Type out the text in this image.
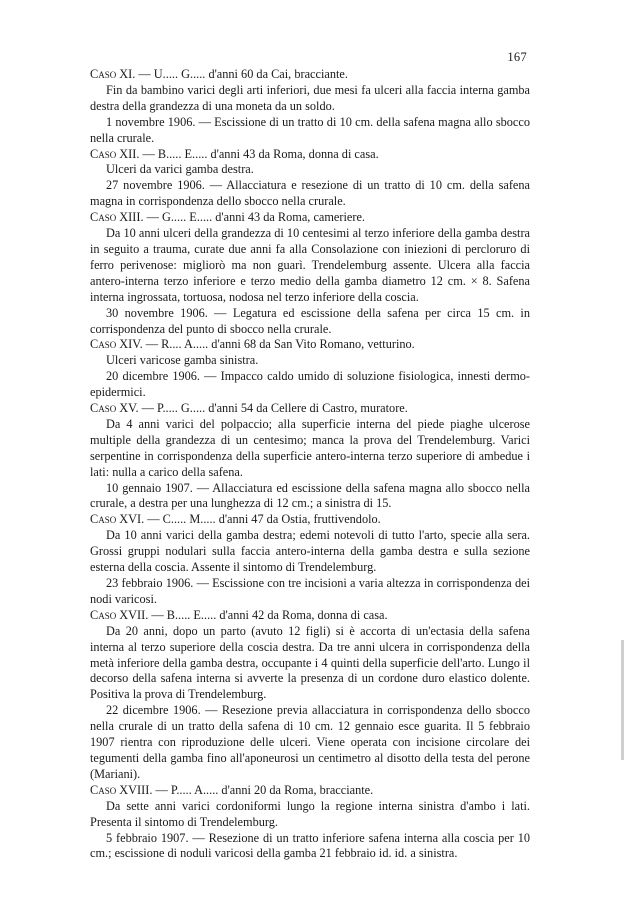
167

Caso XI. — U..... G..... d'anni 60 da Cai, bracciante.

Fin da bambino varici degli arti inferiori, due mesi fa ulceri alla faccia interna gamba destra della grandezza di una moneta da un soldo.

1 novembre 1906. — Escissione di un tratto di 10 cm. della safena magna allo sbocco nella crurale.

Caso XII. — B..... E..... d'anni 43 da Roma, donna di casa.

Ulceri da varici gamba destra.

27 novembre 1906. — Allacciatura e resezione di un tratto di 10 cm. della safena magna in corrispondenza dello sbocco nella crurale.

Caso XIII. — G..... E..... d'anni 43 da Roma, cameriere.

Da 10 anni ulceri della grandezza di 10 centesimi al terzo inferiore della gamba destra in seguito a trauma, curate due anni fa alla Consolazione con iniezioni di percloruro di ferro perivenose: migliorò ma non guarì. Trendelemburg assente. Ulcera alla faccia antero-interna terzo inferiore e terzo medio della gamba diametro 12 cm. × 8. Safena interna ingrossata, tortuosa, nodosa nel terzo inferiore della coscia.

30 novembre 1906. — Legatura ed escissione della safena per circa 15 cm. in corrispondenza del punto di sbocco nella crurale.

Caso XIV. — R.... A..... d'anni 68 da San Vito Romano, vetturino.

Ulceri varicose gamba sinistra.

20 dicembre 1906. — Impacco caldo umido di soluzione fisiologica, innesti dermo-epidermici.

Caso XV. — P..... G..... d'anni 54 da Cellere di Castro, muratore.

Da 4 anni varici del polpaccio; alla superficie interna del piede piaghe ulcerose multiple della grandezza di un centesimo; manca la prova del Trendelemburg. Varici serpentine in corrispondenza della superficie antero-interna terzo superiore di ambedue i lati: nulla a carico della safena.

10 gennaio 1907. — Allacciatura ed escissione della safena magna allo sbocco nella crurale, a destra per una lunghezza di 12 cm.; a sinistra di 15.

Caso XVI. — C..... M..... d'anni 47 da Ostia, fruttivendolo.

Da 10 anni varici della gamba destra; edemi notevoli di tutto l'arto, specie alla sera. Grossi gruppi nodulari sulla faccia antero-interna della gamba destra e sulla sezione esterna della coscia. Assente il sintomo di Trendelemburg.

23 febbraio 1906. — Escissione con tre incisioni a varia altezza in corrispondenza dei nodi varicosi.

Caso XVII. — B..... E..... d'anni 42 da Roma, donna di casa.

Da 20 anni, dopo un parto (avuto 12 figli) si è accorta di un'ectasia della safena interna al terzo superiore della coscia destra. Da tre anni ulcera in corrispondenza della metà inferiore della gamba destra, occupante i 4 quinti della superficie dell'arto. Lungo il decorso della safena interna si avverte la presenza di un cordone duro elastico dolente. Positiva la prova di Trendelemburg.

22 dicembre 1906. — Resezione previa allacciatura in corrispondenza dello sbocco nella crurale di un tratto della safena di 10 cm. 12 gennaio esce guarita. Il 5 febbraio 1907 rientra con riproduzione delle ulceri. Viene operata con incisione circolare dei tegumenti della gamba fino all'aponeurosi un centimetro al disotto della testa del perone (Mariani).

Caso XVIII. — P..... A..... d'anni 20 da Roma, bracciante.

Da sette anni varici cordoniformi lungo la regione interna sinistra d'ambo i lati. Presenta il sintomo di Trendelemburg.

5 febbraio 1907. — Resezione di un tratto inferiore safena interna alla coscia per 10 cm.; escissione di noduli varicosi della gamba 21 febbraio id. id. a sinistra.
